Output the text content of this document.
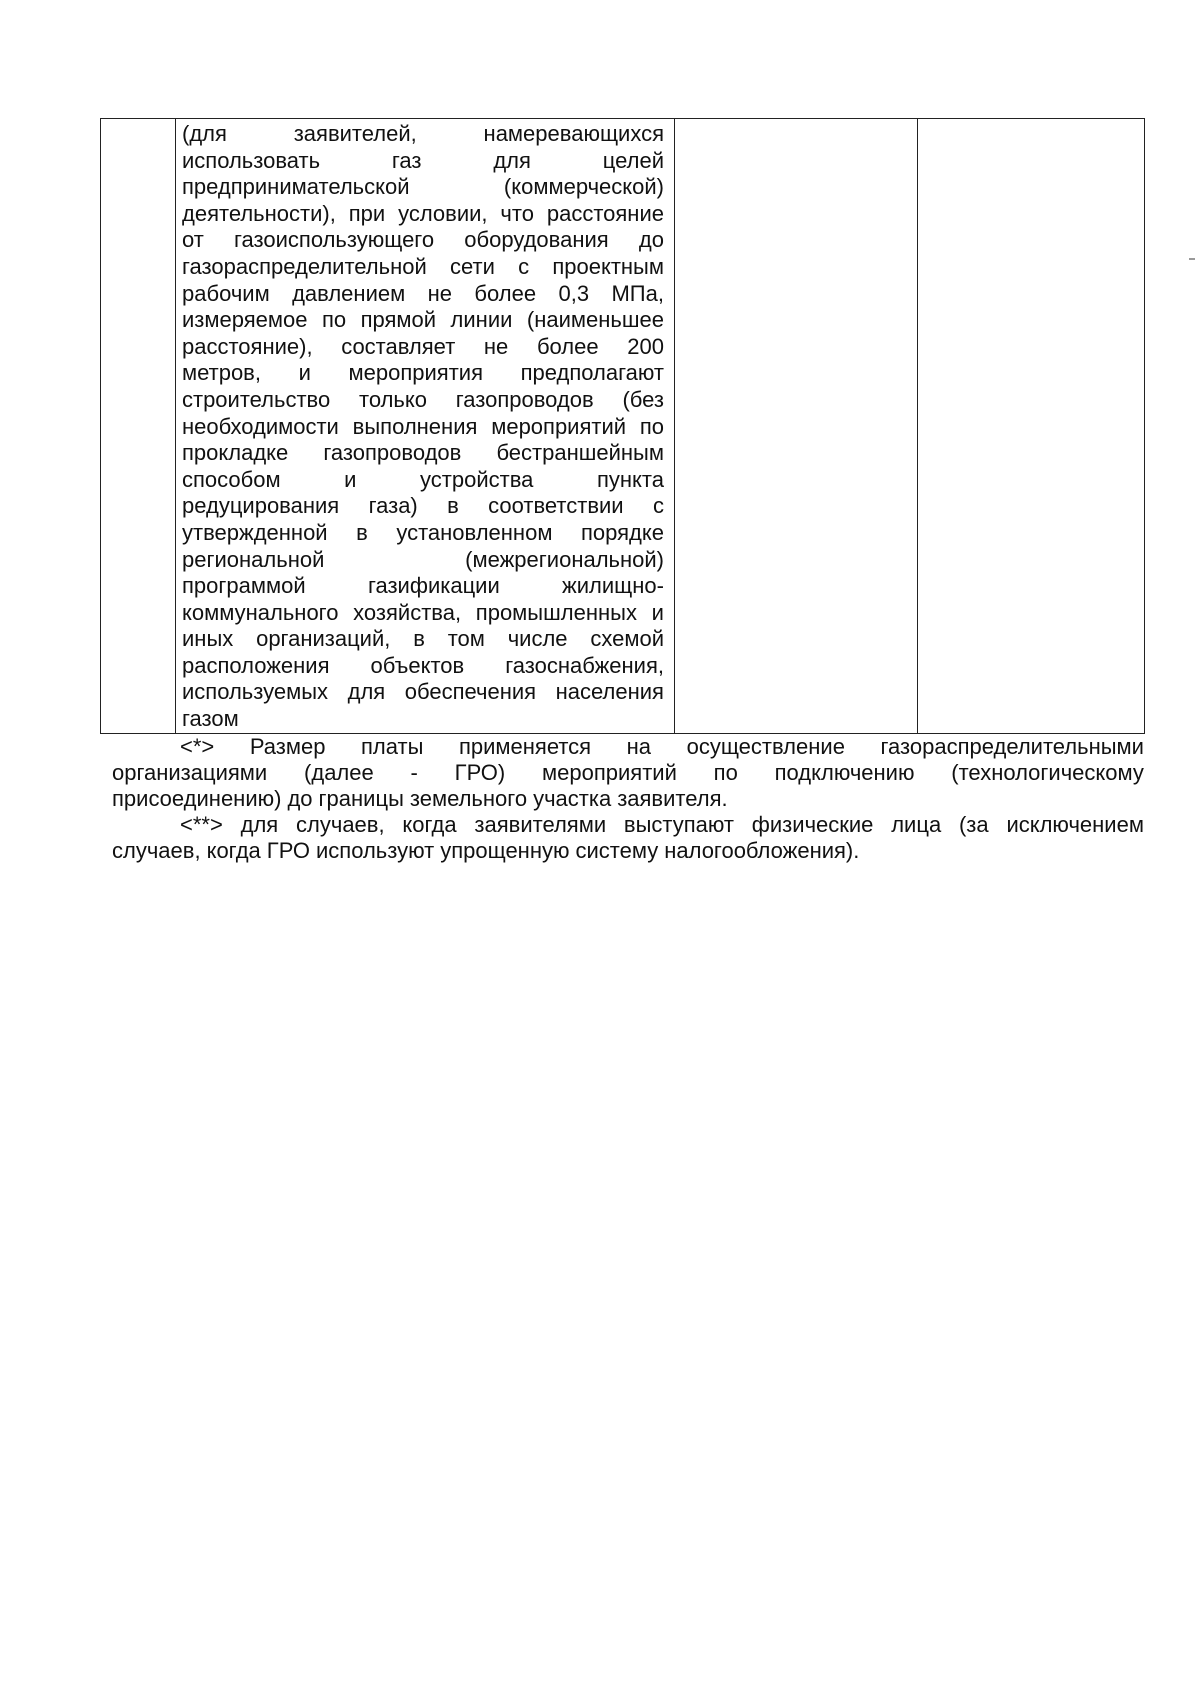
(для	заявителей,	намеревающихся
использовать	газ	для	целей
предпринимательской	(коммерческой)
деятельности), при условии, что расстояние
от газоиспользующего оборудования до
газораспределительной сети с проектным
рабочим давлением не более 0,3 МПа,
измеряемое по прямой линии (наименьшее
расстояние), составляет не более 200
метров, и мероприятия предполагают
строительство только газопроводов (без
необходимости выполнения мероприятий по
прокладке газопроводов бестраншейным
способом	и	устройства	пункта
редуцирования газа) в соответствии с
утвержденной в установленном порядке
региональной	(межрегиональной)
программой	газификации	жилищно-
коммунального хозяйства, промышленных и
иных организаций, в том числе схемой
расположения объектов газоснабжения,
используемых для обеспечения населения
газом

<*> Размер платы применяется на осуществление газораспределительными
организациями (далее - ГРО) мероприятий по подключению (технологическому
присоединению) до границы земельного участка заявителя.
<**> для случаев, когда заявителями выступают физические лица (за исключением
случаев, когда ГРО используют упрощенную систему налогообложения).
